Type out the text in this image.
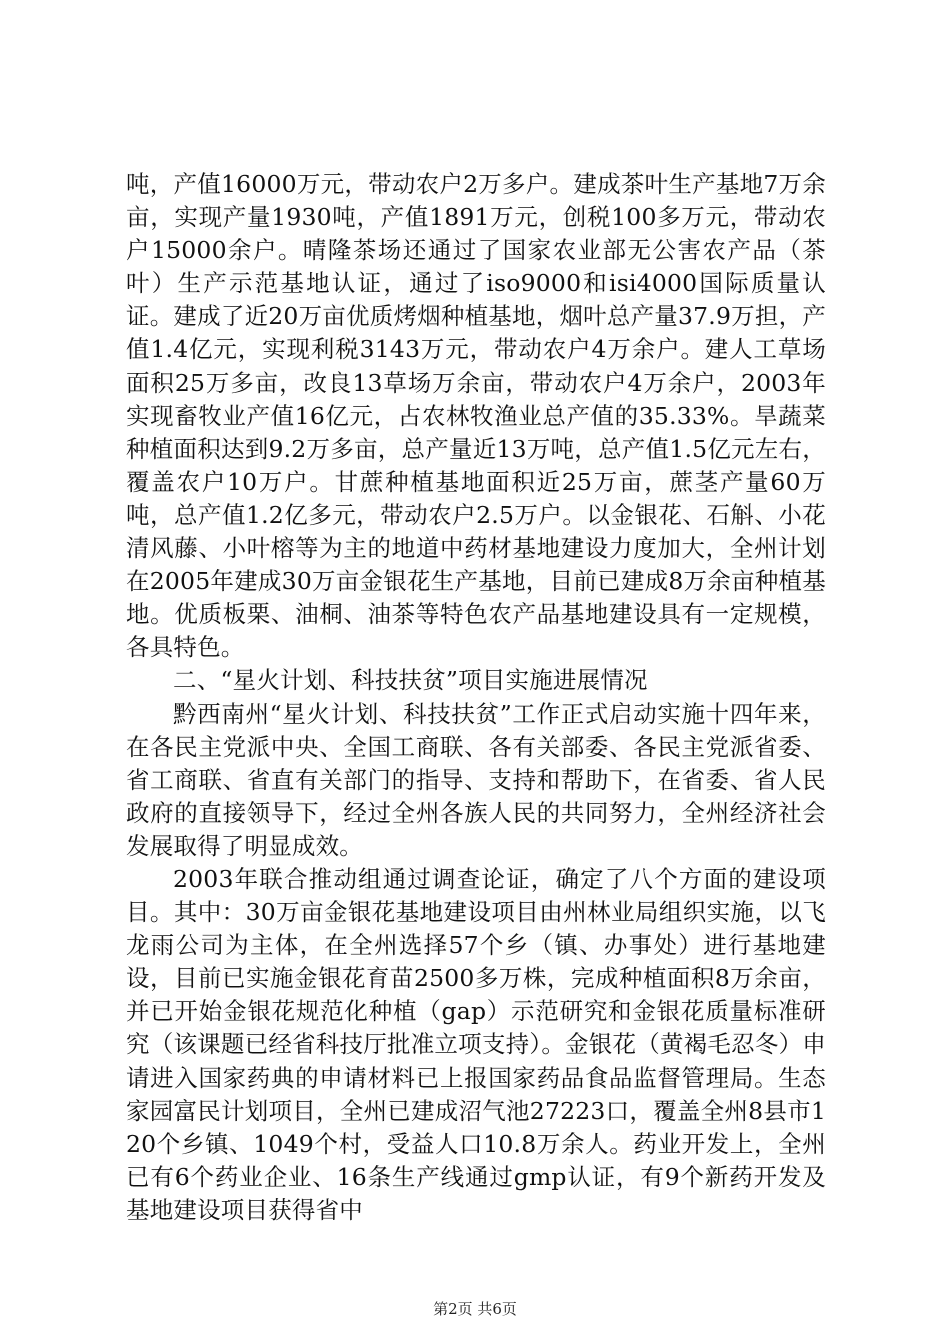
吨，产值16000万元，带动农户2万多户。建成茶叶生产基地7万余亩，实现产量1930吨，产值1891万元，创税100多万元，带动农户15000余户。晴隆茶场还通过了国家农业部无公害农产品（茶叶）生产示范基地认证，通过了iso9000和isi4000国际质量认证。建成了近20万亩优质烤烟种植基地，烟叶总产量37.9万担，产值1.4亿元，实现利税3143万元，带动农户4万余户。建人工草场面积25万多亩，改良13草场万余亩，带动农户4万余户，2003年实现畜牧业产值16亿元，占农林牧渔业总产值的35.33%。旱蔬菜种植面积达到9.2万多亩，总产量近13万吨，总产值1.5亿元左右，覆盖农户10万户。甘蔗种植基地面积近25万亩，蔗茎产量60万吨，总产值1.2亿多元，带动农户2.5万户。以金银花、石斛、小花清风藤、小叶榕等为主的地道中药材基地建设力度加大，全州计划在2005年建成30万亩金银花生产基地，目前已建成8万余亩种植基地。优质板栗、油桐、油茶等特色农产品基地建设具有一定规模，各具特色。

二、“星火计划、科技扶贫”项目实施进展情况

黔西南州“星火计划、科技扶贫”工作正式启动实施十四年来，在各民主党派中央、全国工商联、各有关部委、各民主党派省委、省工商联、省直有关部门的指导、支持和帮助下，在省委、省人民政府的直接领导下，经过全州各族人民的共同努力，全州经济社会发展取得了明显成效。

2003年联合推动组通过调查论证，确定了八个方面的建设项目。其中：30万亩金银花基地建设项目由州林业局组织实施，以飞龙雨公司为主体，在全州选择57个乡（镇、办事处）进行基地建设，目前已实施金银花育苗2500多万株，完成种植面积8万余亩，并已开始金银花规范化种植（gap）示范研究和金银花质量标准研究（该课题已经省科技厅批准立项支持）。金银花（黄褐毛忍冬）申请进入国家药典的申请材料已上报国家药品食品监督管理局。生态家园富民计划项目，全州已建成沼气池27223口，覆盖全州8县市120个乡镇、1049个村，受益人口10.8万余人。药业开发上，全州已有6个药业企业、16条生产线通过gmp认证，有9个新药开发及基地建设项目获得省中

第2页 共6页
